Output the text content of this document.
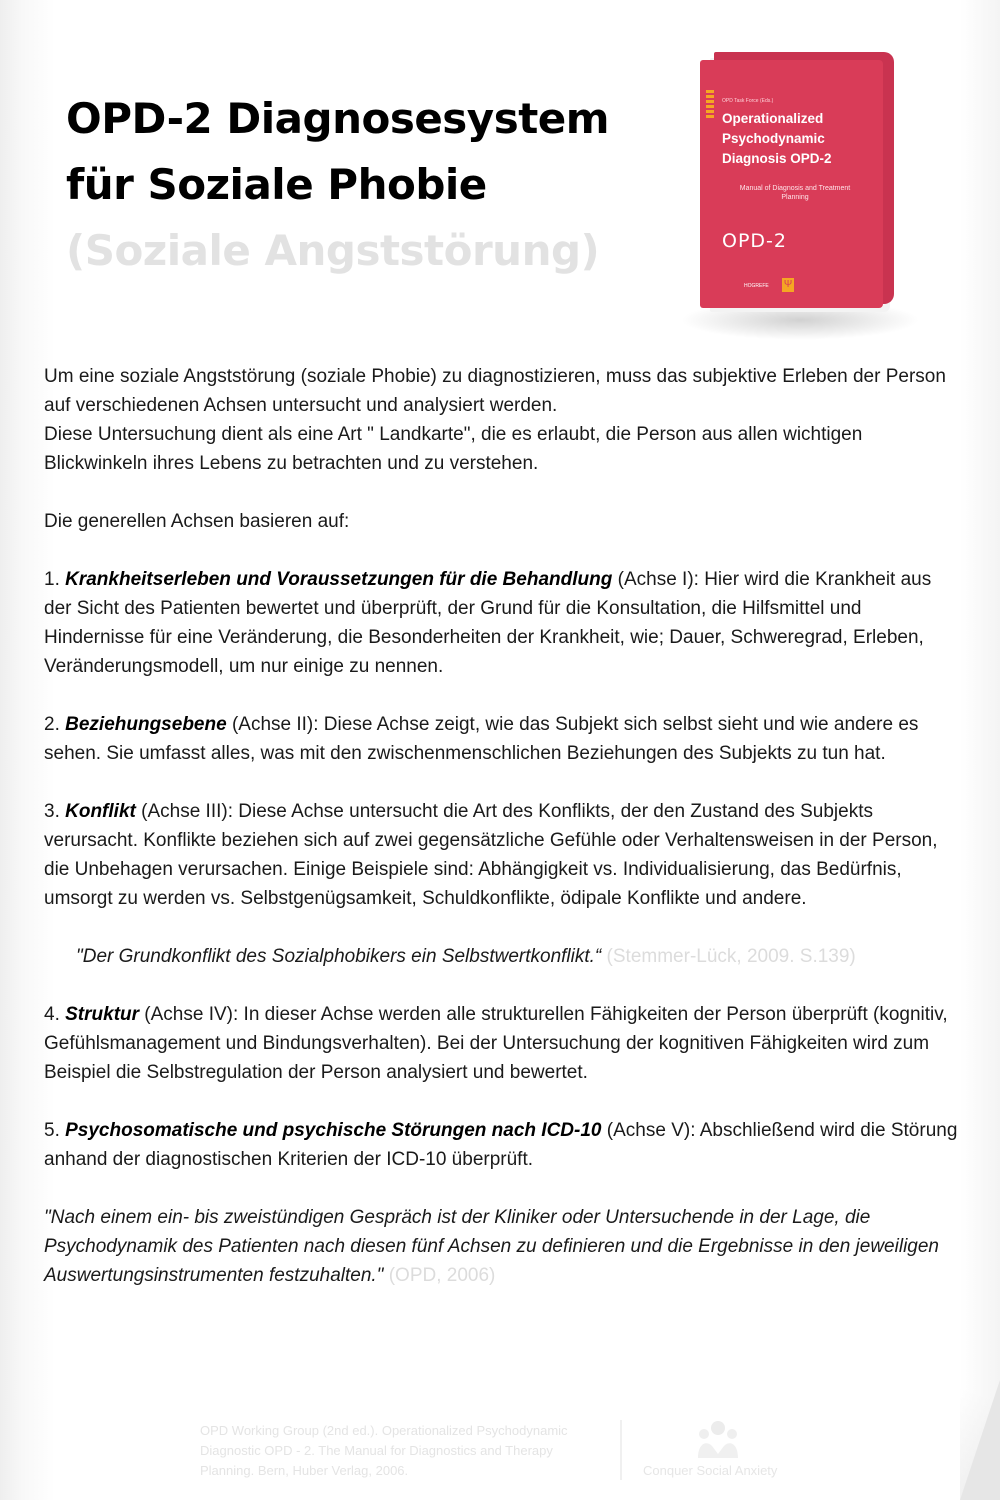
OPD-2 Diagnosesystem
für Soziale Phobie
(Soziale Angststörung)
OPD Task Force (Eds.)
Operationalized Psychodynamic Diagnosis OPD-2
Manual of Diagnosis and Treatment Planning
OPD-2
HOGREFE Ψ

Um eine soziale Angststörung (soziale Phobie) zu diagnostizieren, muss das subjektive Erleben der Person auf verschiedenen Achsen untersucht und analysiert werden.
Diese Untersuchung dient als eine Art " Landkarte", die es erlaubt, die Person aus allen wichtigen Blickwinkeln ihres Lebens zu betrachten und zu verstehen.

Die generellen Achsen basieren auf:

1. Krankheitserleben und Voraussetzungen für die Behandlung (Achse I): Hier wird die Krankheit aus der Sicht des Patienten bewertet und überprüft, der Grund für die Konsultation, die Hilfsmittel und Hindernisse für eine Veränderung, die Besonderheiten der Krankheit, wie; Dauer, Schweregrad, Erleben, Veränderungsmodell, um nur einige zu nennen.

2. Beziehungsebene (Achse II): Diese Achse zeigt, wie das Subjekt sich selbst sieht und wie andere es sehen. Sie umfasst alles, was mit den zwischenmenschlichen Beziehungen des Subjekts zu tun hat.

3. Konflikt (Achse III): Diese Achse untersucht die Art des Konflikts, der den Zustand des Subjekts verursacht. Konflikte beziehen sich auf zwei gegensätzliche Gefühle oder Verhaltensweisen in der Person, die Unbehagen verursachen. Einige Beispiele sind: Abhängigkeit vs. Individualisierung, das Bedürfnis, umsorgt zu werden vs. Selbstgenügsamkeit, Schuldkonflikte, ödipale Konflikte und andere.

"Der Grundkonflikt des Sozialphobikers ein Selbstwertkonflikt.“ (Stemmer-Lück, 2009. S.139)

4. Struktur (Achse IV): In dieser Achse werden alle strukturellen Fähigkeiten der Person überprüft (kognitiv, Gefühlsmanagement und Bindungsverhalten). Bei der Untersuchung der kognitiven Fähigkeiten wird zum Beispiel die Selbstregulation der Person analysiert und bewertet.

5. Psychosomatische und psychische Störungen nach ICD-10 (Achse V): Abschließend wird die Störung anhand der diagnostischen Kriterien der ICD-10 überprüft.

"Nach einem ein- bis zweistündigen Gespräch ist der Kliniker oder Untersuchende in der Lage, die Psychodynamik des Patienten nach diesen fünf Achsen zu definieren und die Ergebnisse in den jeweiligen Auswertungsinstrumenten festzuhalten." (OPD, 2006)

OPD Working Group (2nd ed.). Operationalized Psychodynamic Diagnostic OPD - 2. The Manual for Diagnostics and Therapy Planning. Bern, Huber Verlag, 2006.	Conquer Social Anxiety
